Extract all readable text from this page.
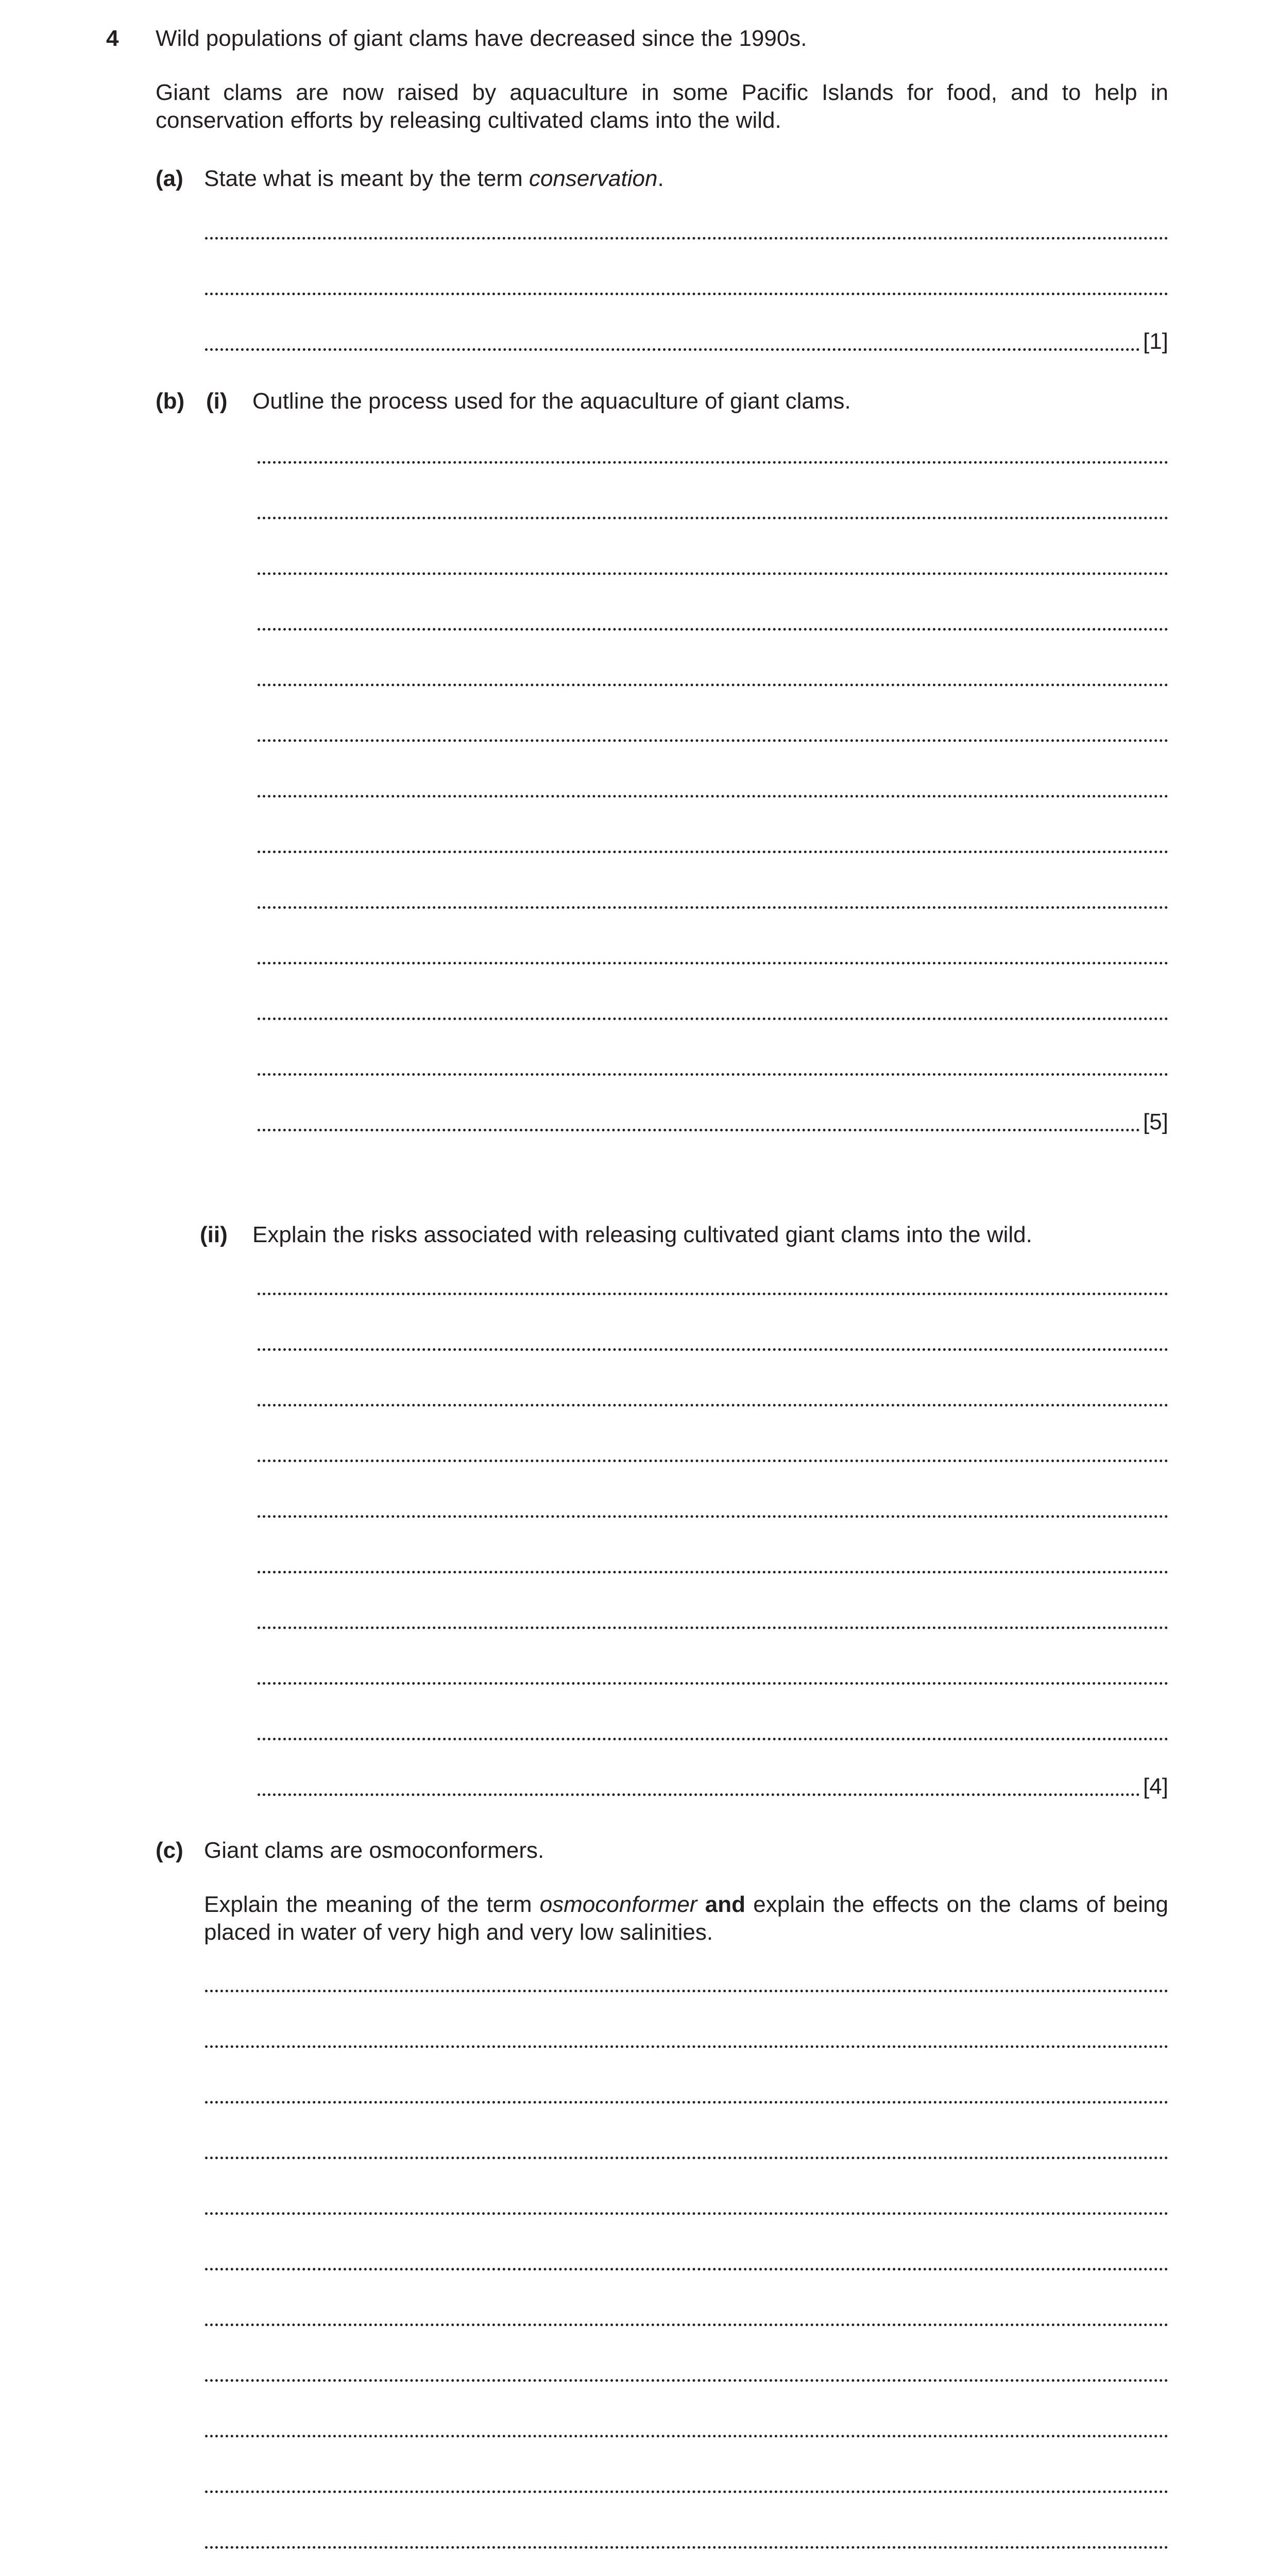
4 Wild populations of giant clams have decreased since the 1990s.
Giant clams are now raised by aquaculture in some Pacific Islands for food, and to help in conservation efforts by releasing cultivated clams into the wild.
(a) State what is meant by the term conservation.
[1]
(b) (i) Outline the process used for the aquaculture of giant clams.
[5]
(ii) Explain the risks associated with releasing cultivated giant clams into the wild.
[4]
(c) Giant clams are osmoconformers.
Explain the meaning of the term osmoconformer and explain the effects on the clams of being placed in water of very high and very low salinities.
